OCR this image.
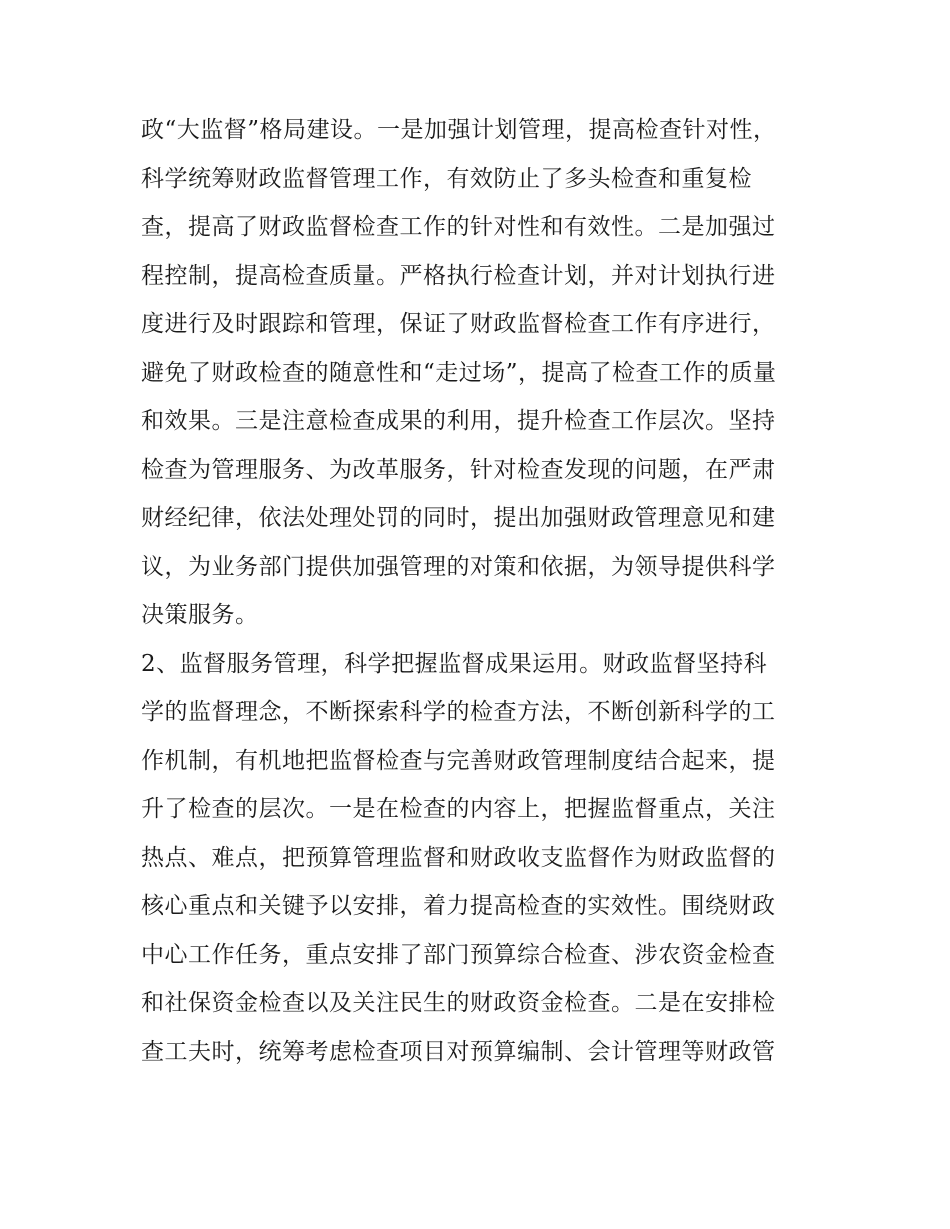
政“大监督”格局建设。一是加强计划管理，提高检查针对性，
科学统筹财政监督管理工作，有效防止了多头检查和重复检
查，提高了财政监督检查工作的针对性和有效性。二是加强过
程控制，提高检查质量。严格执行检查计划，并对计划执行进
度进行及时跟踪和管理，保证了财政监督检查工作有序进行，
避免了财政检查的随意性和“走过场”，提高了检查工作的质量
和效果。三是注意检查成果的利用，提升检查工作层次。坚持
检查为管理服务、为改革服务，针对检查发现的问题，在严肃
财经纪律，依法处理处罚的同时，提出加强财政管理意见和建
议，为业务部门提供加强管理的对策和依据，为领导提供科学
决策服务。
2、监督服务管理，科学把握监督成果运用。财政监督坚持科
学的监督理念，不断探索科学的检查方法，不断创新科学的工
作机制，有机地把监督检查与完善财政管理制度结合起来，提
升了检查的层次。一是在检查的内容上，把握监督重点，关注
热点、难点，把预算管理监督和财政收支监督作为财政监督的
核心重点和关键予以安排，着力提高检查的实效性。围绕财政
中心工作任务，重点安排了部门预算综合检查、涉农资金检查
和社保资金检查以及关注民生的财政资金检查。二是在安排检
查工夫时，统筹考虑检查项目对预算编制、会计管理等财政管
